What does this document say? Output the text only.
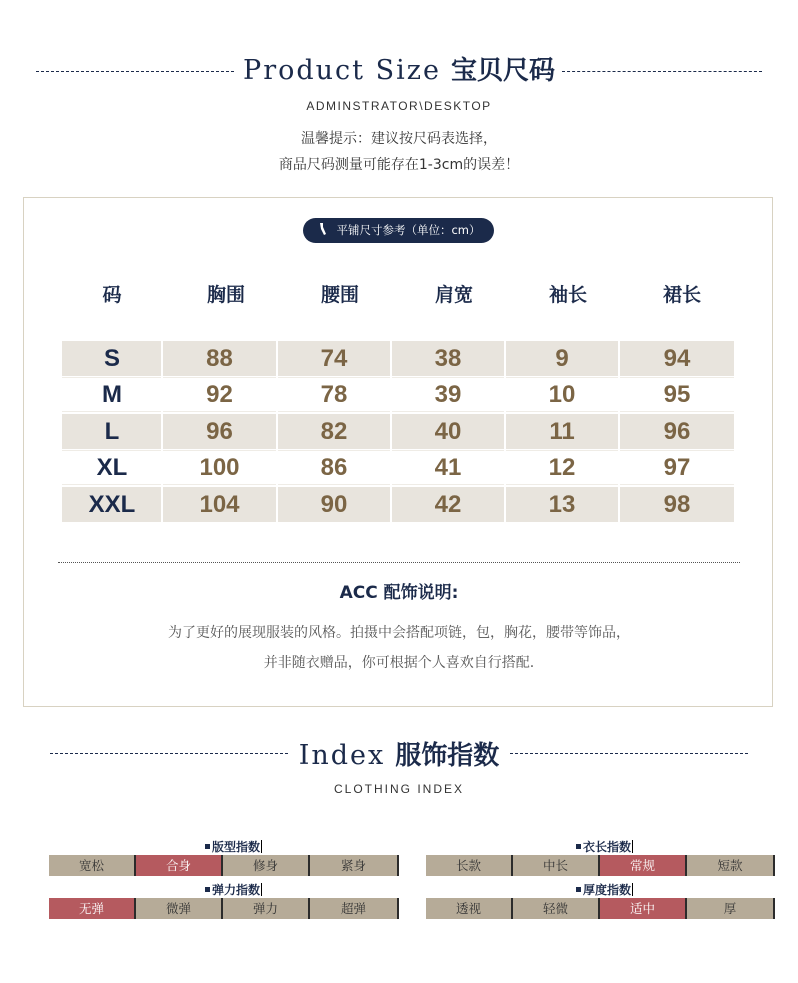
Product Size 宝贝尺码
ADMINSTRATOR\DESKTOP
温馨提示：建议按尺码表选择，
商品尺码测量可能存在1-3cm的误差！
平铺尺寸参考（单位：cm）
码	胸围	腰围	肩宽	袖长	裙长
S	88	74	38	9	94
M	92	78	39	10	95
L	96	82	40	11	96
XL	100	86	41	12	97
XXL	104	90	42	13	98
ACC 配饰说明:
为了更好的展现服装的风格。拍摄中会搭配项链，包，胸花，腰带等饰品，
并非随衣赠品，你可根据个人喜欢自行搭配.
Index 服饰指数
CLOTHING INDEX
版型指数
宽松	合身	修身	紧身
衣长指数
长款	中长	常规	短款
弹力指数
无弹	微弹	弹力	超弹
厚度指数
透视	轻微	适中	厚
